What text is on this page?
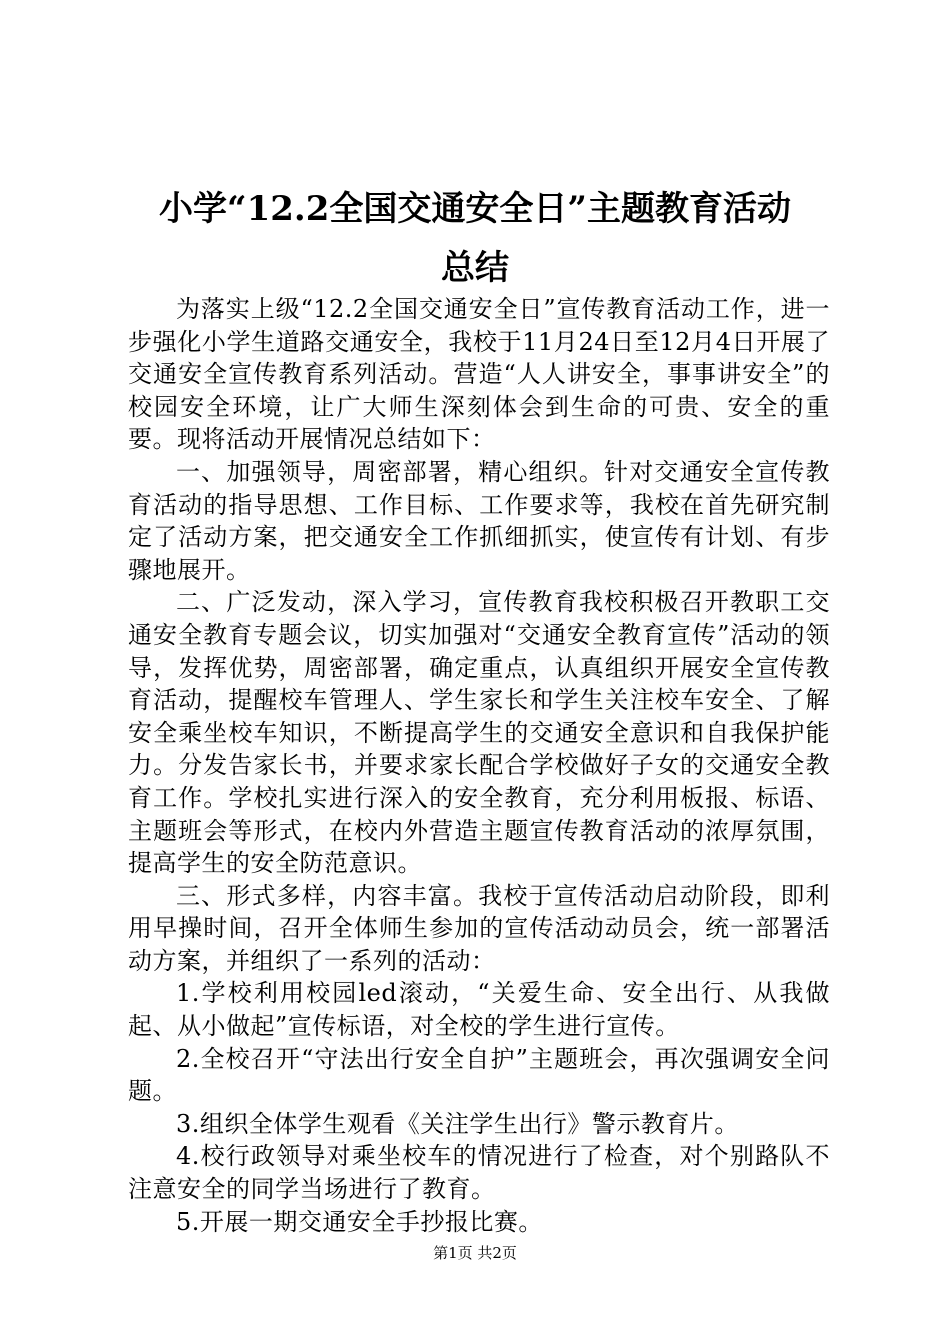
小学“12.2全国交通安全日”主题教育活动
总结

为落实上级“12.2全国交通安全日”宣传教育活动工作，进一步强化小学生道路交通安全，我校于11月24日至12月4日开展了交通安全宣传教育系列活动。营造“人人讲安全，事事讲安全”的校园安全环境，让广大师生深刻体会到生命的可贵、安全的重要。现将活动开展情况总结如下：

一、加强领导，周密部署，精心组织。针对交通安全宣传教育活动的指导思想、工作目标、工作要求等，我校在首先研究制定了活动方案，把交通安全工作抓细抓实，使宣传有计划、有步骤地展开。

二、广泛发动，深入学习，宣传教育我校积极召开教职工交通安全教育专题会议，切实加强对“交通安全教育宣传”活动的领导，发挥优势，周密部署，确定重点，认真组织开展安全宣传教育活动，提醒校车管理人、学生家长和学生关注校车安全、了解安全乘坐校车知识，不断提高学生的交通安全意识和自我保护能力。分发告家长书，并要求家长配合学校做好子女的交通安全教育工作。学校扎实进行深入的安全教育，充分利用板报、标语、主题班会等形式，在校内外营造主题宣传教育活动的浓厚氛围，提高学生的安全防范意识。

三、形式多样，内容丰富。我校于宣传活动启动阶段，即利用早操时间，召开全体师生参加的宣传活动动员会，统一部署活动方案，并组织了一系列的活动：

1.学校利用校园led滚动，“关爱生命、安全出行、从我做起、从小做起”宣传标语，对全校的学生进行宣传。

2.全校召开“守法出行安全自护”主题班会，再次强调安全问题。

3.组织全体学生观看《关注学生出行》警示教育片。

4.校行政领导对乘坐校车的情况进行了检查，对个别路队不注意安全的同学当场进行了教育。

5.开展一期交通安全手抄报比赛。

第1页 共2页
